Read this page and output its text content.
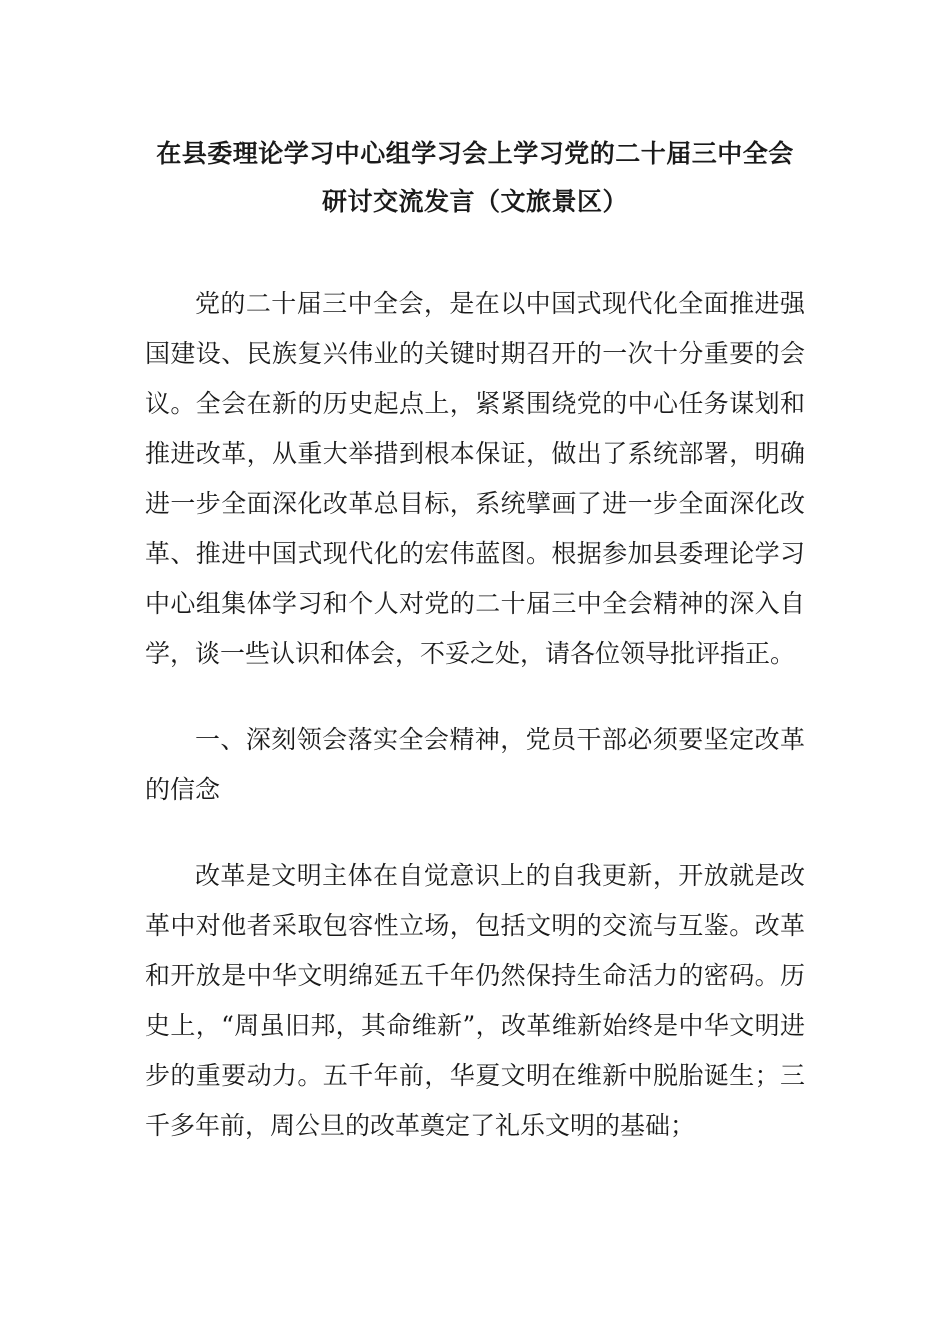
在县委理论学习中心组学习会上学习党的二十届三中全会
研讨交流发言（文旅景区）

党的二十届三中全会，是在以中国式现代化全面推进强国建设、民族复兴伟业的关键时期召开的一次十分重要的会议。全会在新的历史起点上，紧紧围绕党的中心任务谋划和推进改革，从重大举措到根本保证，做出了系统部署，明确进一步全面深化改革总目标，系统擘画了进一步全面深化改革、推进中国式现代化的宏伟蓝图。根据参加县委理论学习中心组集体学习和个人对党的二十届三中全会精神的深入自学，谈一些认识和体会，不妥之处，请各位领导批评指正。

一、深刻领会落实全会精神，党员干部必须要坚定改革的信念

改革是文明主体在自觉意识上的自我更新，开放就是改革中对他者采取包容性立场，包括文明的交流与互鉴。改革和开放是中华文明绵延五千年仍然保持生命活力的密码。历史上，“周虽旧邦，其命维新”，改革维新始终是中华文明进步的重要动力。五千年前，华夏文明在维新中脱胎诞生；三千多年前，周公旦的改革奠定了礼乐文明的基础；
